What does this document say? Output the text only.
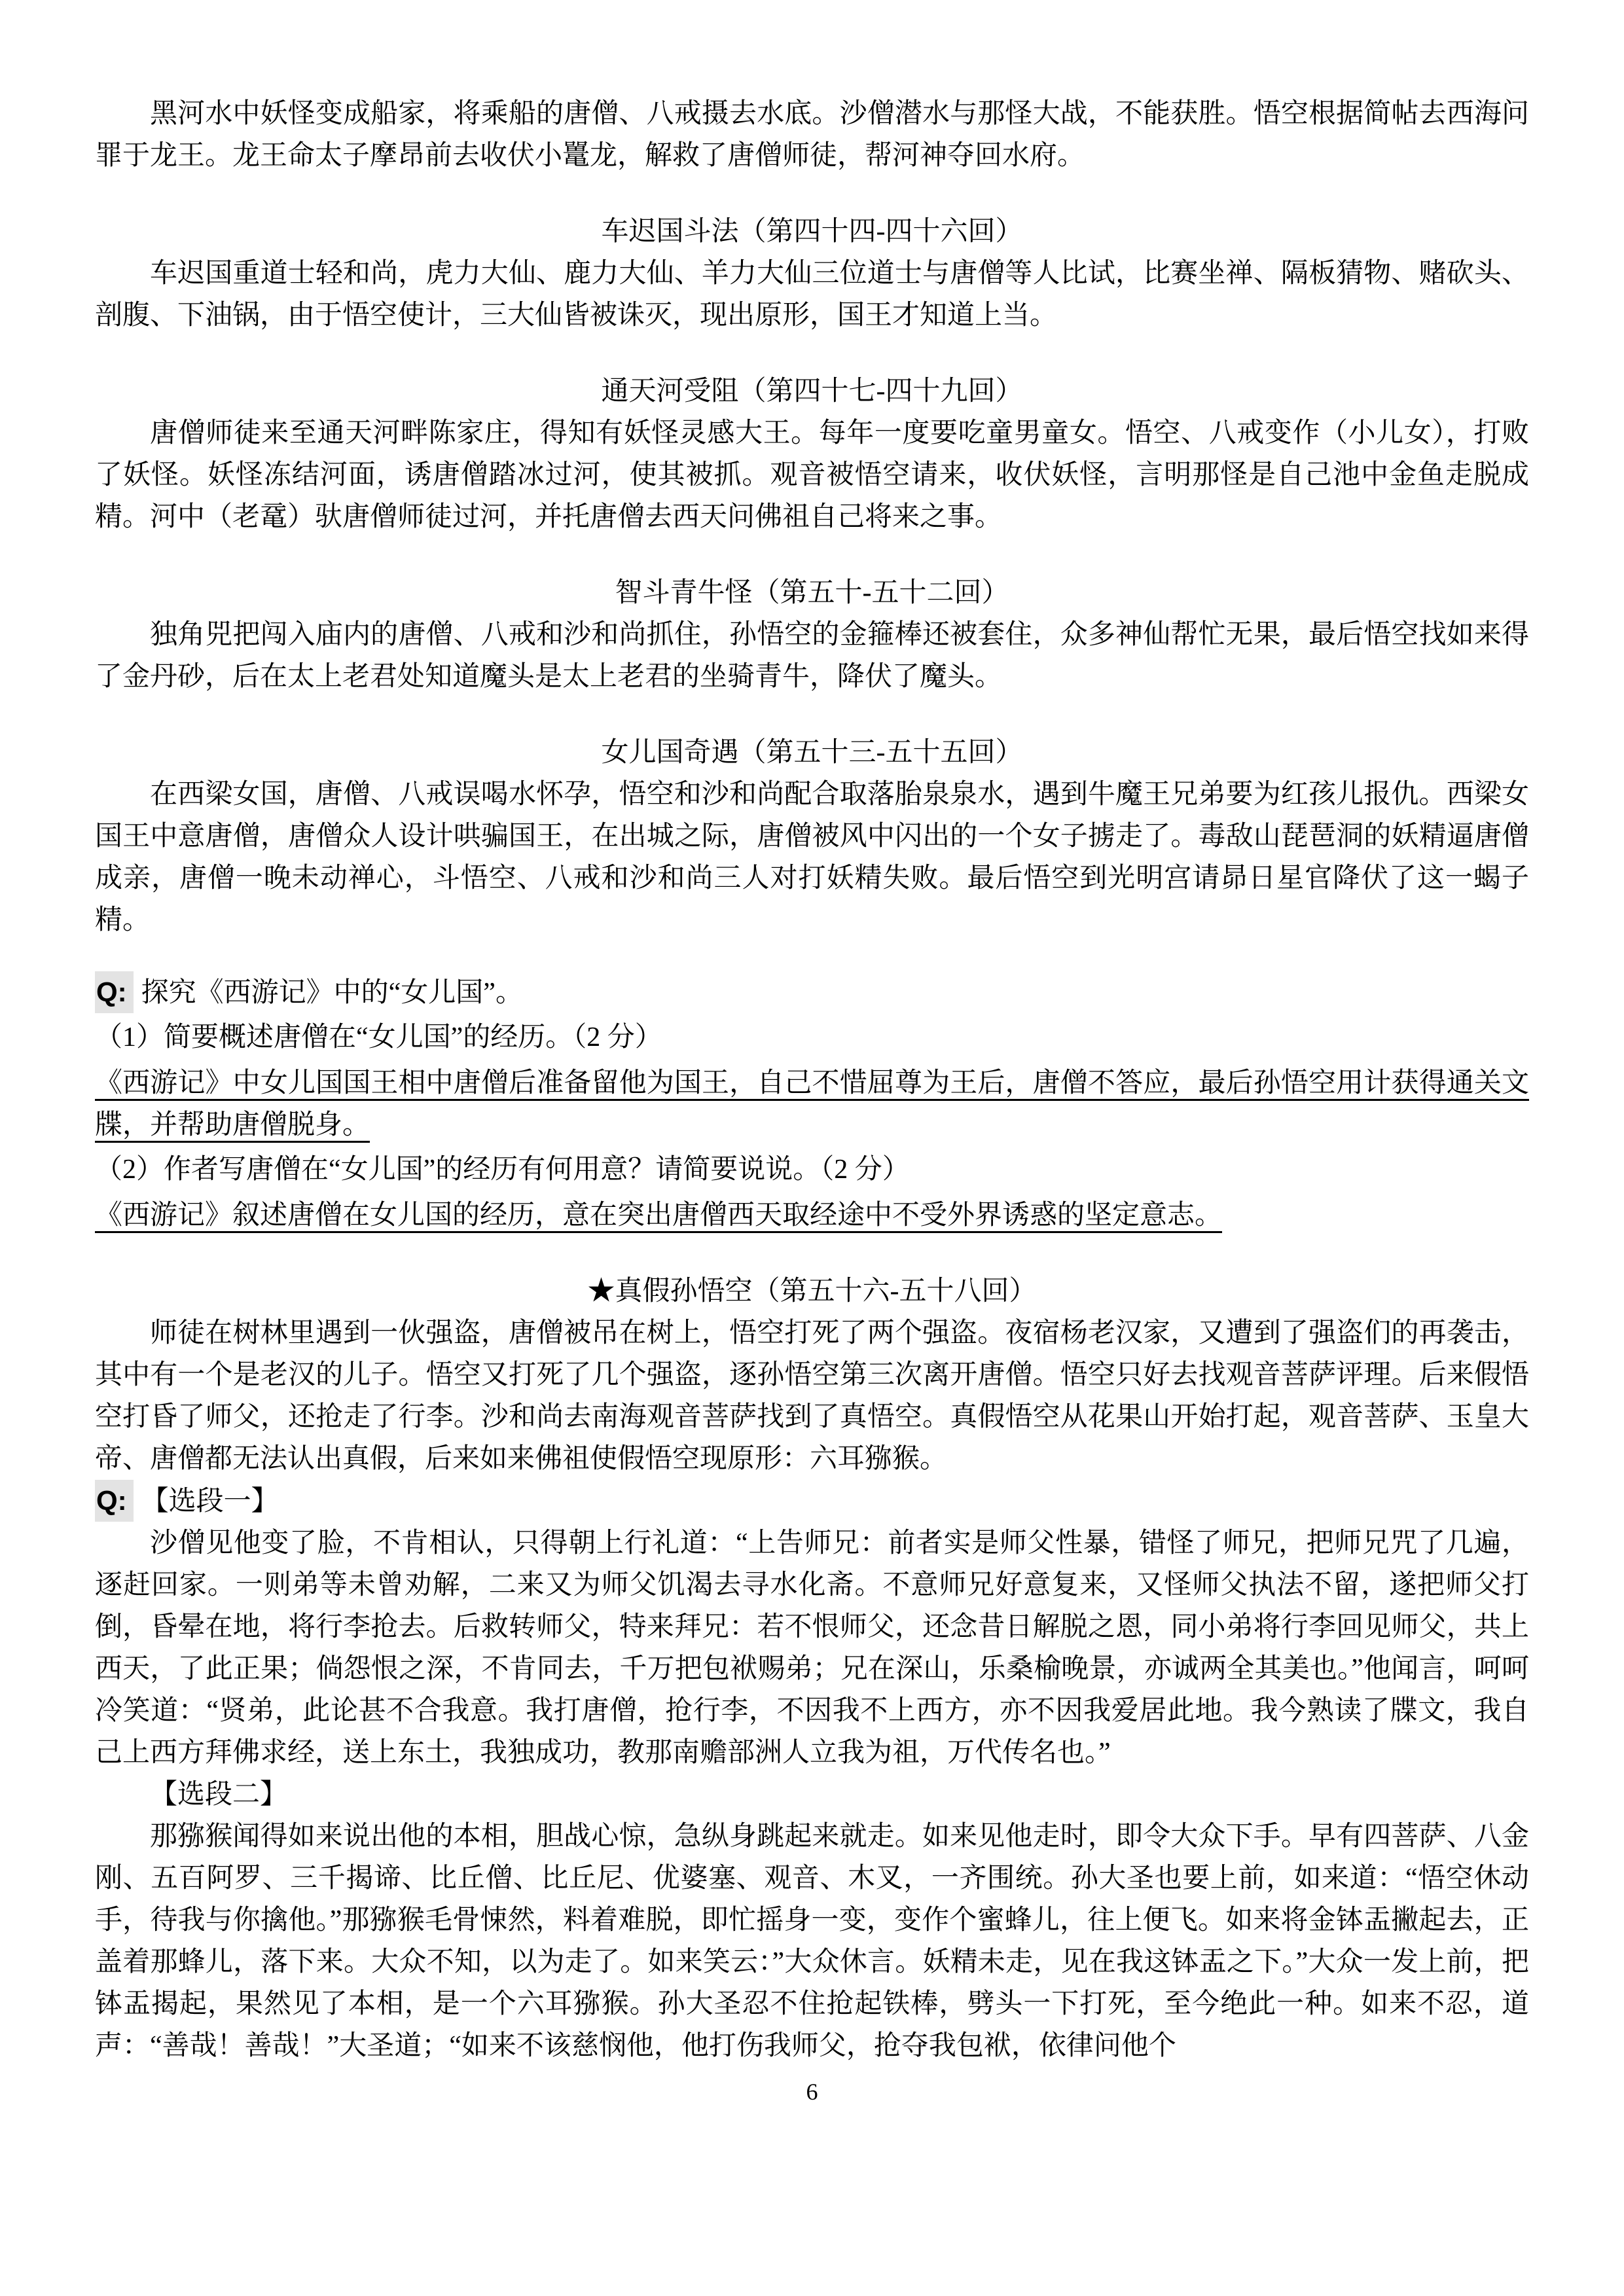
黑河水中妖怪变成船家，将乘船的唐僧、八戒摄去水底。沙僧潜水与那怪大战，不能获胜。悟空根据简帖去西海问罪于龙王。龙王命太子摩昂前去收伏小鼍龙，解救了唐僧师徒，帮河神夺回水府。

车迟国斗法（第四十四-四十六回）

车迟国重道士轻和尚，虎力大仙、鹿力大仙、羊力大仙三位道士与唐僧等人比试，比赛坐禅、隔板猜物、赌砍头、剖腹、下油锅，由于悟空使计，三大仙皆被诛灭，现出原形，国王才知道上当。

通天河受阻（第四十七-四十九回）

唐僧师徒来至通天河畔陈家庄，得知有妖怪灵感大王。每年一度要吃童男童女。悟空、八戒变作（小儿女），打败了妖怪。妖怪冻结河面，诱唐僧踏冰过河，使其被抓。观音被悟空请来，收伏妖怪，言明那怪是自己池中金鱼走脱成精。河中（老鼋）驮唐僧师徒过河，并托唐僧去西天问佛祖自己将来之事。

智斗青牛怪（第五十-五十二回）

独角兕把闯入庙内的唐僧、八戒和沙和尚抓住，孙悟空的金箍棒还被套住，众多神仙帮忙无果，最后悟空找如来得了金丹砂，后在太上老君处知道魔头是太上老君的坐骑青牛，降伏了魔头。

女儿国奇遇（第五十三-五十五回）

在西梁女国，唐僧、八戒误喝水怀孕，悟空和沙和尚配合取落胎泉泉水，遇到牛魔王兄弟要为红孩儿报仇。西梁女国王中意唐僧，唐僧众人设计哄骗国王，在出城之际，唐僧被风中闪出的一个女子掳走了。毒敌山琵琶洞的妖精逼唐僧成亲，唐僧一晚未动禅心，斗悟空、八戒和沙和尚三人对打妖精失败。最后悟空到光明宫请昴日星官降伏了这一蝎子精。

Q: 探究《西游记》中的“女儿国”。

（1）简要概述唐僧在“女儿国”的经历。（2 分）

《西游记》中女儿国国王相中唐僧后准备留他为国王，自己不惜屈尊为王后，唐僧不答应，最后孙悟空用计获得通关文牒，并帮助唐僧脱身。

（2）作者写唐僧在“女儿国”的经历有何用意？请简要说说。（2 分）

《西游记》叙述唐僧在女儿国的经历，意在突出唐僧西天取经途中不受外界诱惑的坚定意志。

★真假孙悟空（第五十六-五十八回）

师徒在树林里遇到一伙强盗，唐僧被吊在树上，悟空打死了两个强盗。夜宿杨老汉家，又遭到了强盗们的再袭击，其中有一个是老汉的儿子。悟空又打死了几个强盗，逐孙悟空第三次离开唐僧。悟空只好去找观音菩萨评理。后来假悟空打昏了师父，还抢走了行李。沙和尚去南海观音菩萨找到了真悟空。真假悟空从花果山开始打起，观音菩萨、玉皇大帝、唐僧都无法认出真假，后来如来佛祖使假悟空现原形：六耳猕猴。

Q: 【选段一】

沙僧见他变了脸，不肯相认，只得朝上行礼道：“上告师兄：前者实是师父性暴，错怪了师兄，把师兄咒了几遍，逐赶回家。一则弟等未曾劝解，二来又为师父饥渴去寻水化斋。不意师兄好意复来，又怪师父执法不留，遂把师父打倒，昏晕在地，将行李抢去。后救转师父，特来拜兄：若不恨师父，还念昔日解脱之恩，同小弟将行李回见师父，共上西天，了此正果；倘怨恨之深，不肯同去，千万把包袱赐弟；兄在深山，乐桑榆晚景，亦诚两全其美也。”他闻言，呵呵冷笑道：“贤弟，此论甚不合我意。我打唐僧，抢行李，不因我不上西方，亦不因我爱居此地。我今熟读了牒文，我自己上西方拜佛求经，送上东土，我独成功，教那南赡部洲人立我为祖，万代传名也。”

【选段二】

那猕猴闻得如来说出他的本相，胆战心惊，急纵身跳起来就走。如来见他走时，即令大众下手。早有四菩萨、八金刚、五百阿罗、三千揭谛、比丘僧、比丘尼、优婆塞、观音、木叉，一齐围统。孙大圣也要上前，如来道：“悟空休动手，待我与你擒他。”那猕猴毛骨悚然，料着难脱，即忙摇身一变，变作个蜜蜂儿，往上便飞。如来将金钵盂撇起去，正盖着那蜂儿，落下来。大众不知，以为走了。如来笑云：”大众休言。妖精未走，见在我这钵盂之下。”大众一发上前，把钵盂揭起，果然见了本相，是一个六耳猕猴。孙大圣忍不住抢起铁棒，劈头一下打死，至今绝此一种。如来不忍，道声：“善哉！善哉！”大圣道；“如来不该慈悯他，他打伤我师父，抢夺我包袱，依律问他个

6
